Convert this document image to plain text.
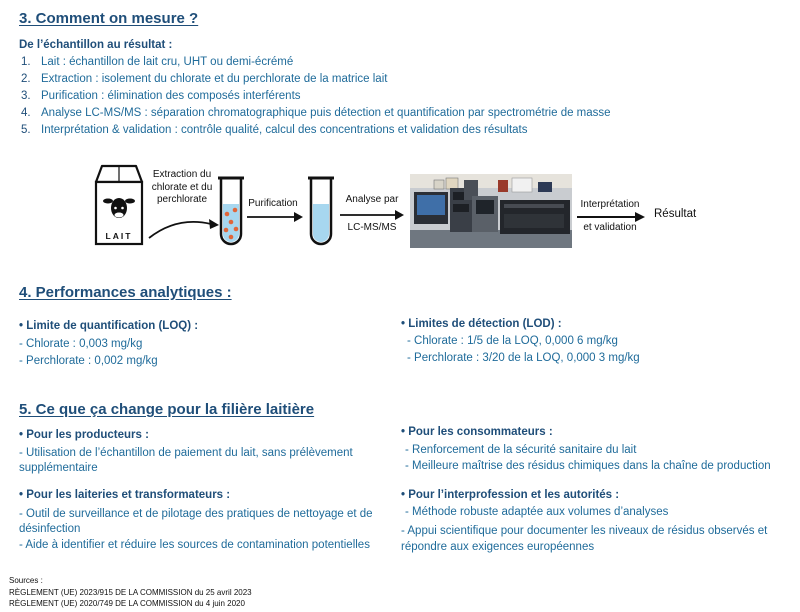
3. Comment on mesure ?
De l’échantillon au résultat :
1. Lait : échantillon de lait cru, UHT ou demi-écrémé
2. Extraction : isolement du chlorate et du perchlorate de la matrice lait
3. Purification : élimination des composés interférents
4. Analyse LC-MS/MS : séparation chromatographique puis détection et quantification par spectrométrie de masse
5. Interprétation & validation : contrôle qualité, calcul des concentrations et validation des résultats
LAIT
Extraction du chlorate et du perchlorate	Purification	Analyse par
LC-MS/MS
Interprétation
et validation
Résultat
4. Performances analytiques :
• Limite de quantification (LOQ) :
- Chlorate : 0,003 mg/kg
- Perchlorate : 0,002 mg/kg
• Limites de détection (LOD) :
- Chlorate : 1/5 de la LOQ, 0,000 6 mg/kg
- Perchlorate : 3/20 de la LOQ, 0,000 3 mg/kg
5. Ce que ça change pour la filière laitière
• Pour les producteurs :
- Utilisation de l’échantillon de paiement du lait, sans prélèvement supplémentaire
• Pour les laiteries et transformateurs :
- Outil de surveillance et de pilotage des pratiques de nettoyage et de désinfection
- Aide à identifier et réduire les sources de contamination potentielles
• Pour les consommateurs :
- Renforcement de la sécurité sanitaire du lait
- Meilleure maîtrise des résidus chimiques dans la chaîne de production
• Pour l’interprofession et les autorités :
- Méthode robuste adaptée aux volumes d’analyses
- Appui scientifique pour documenter les niveaux de résidus observés et répondre aux exigences européennes
Sources :
RÈGLEMENT (UE) 2023/915 DE LA COMMISSION du 25 avril 2023
RÈGLEMENT (UE) 2020/749 DE LA COMMISSION du 4 juin 2020
